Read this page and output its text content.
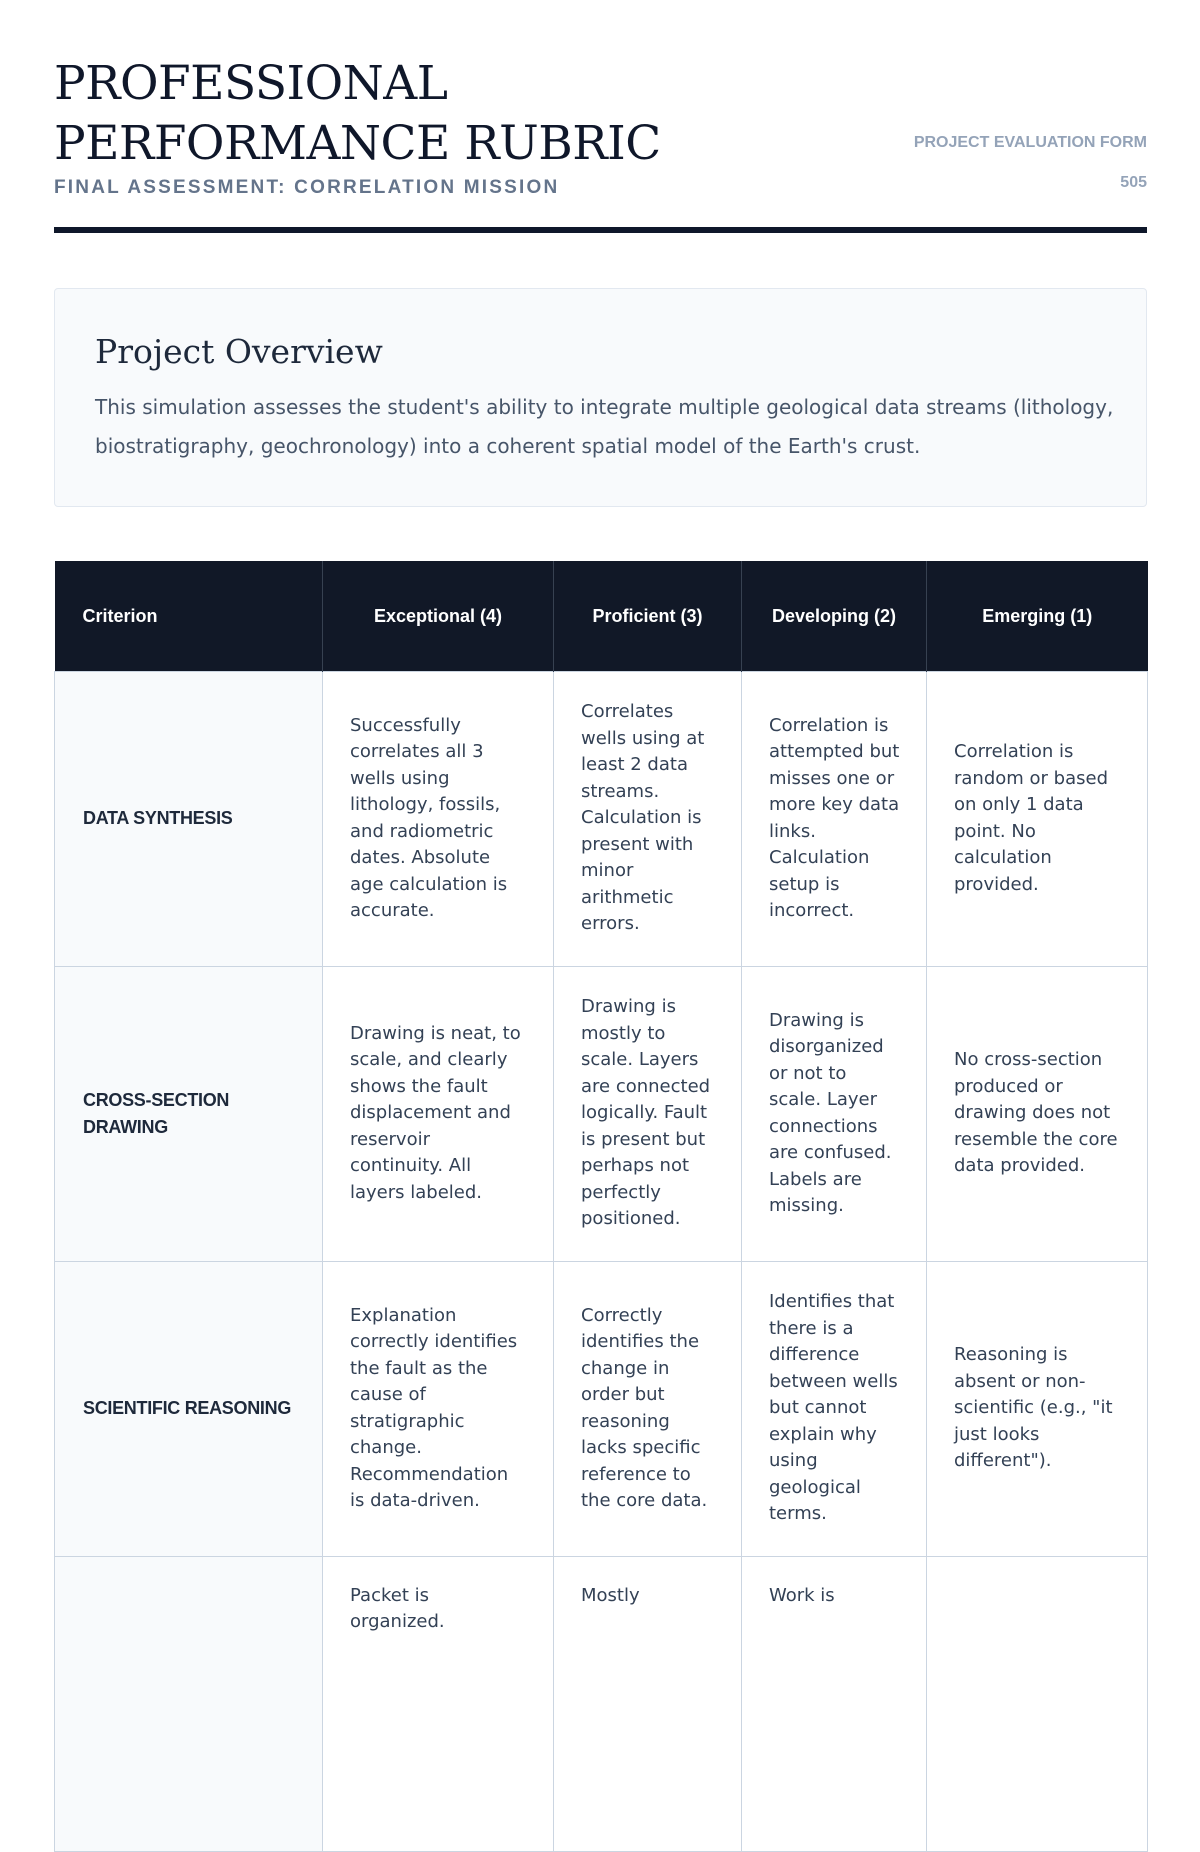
PROFESSIONAL PERFORMANCE RUBRIC

FINAL ASSESSMENT: CORRELATION MISSION

PROJECT EVALUATION FORM
505
Project Overview

This simulation assesses the student's ability to integrate multiple geological data streams (lithology, biostratigraphy, geochronology) into a coherent spatial model of the Earth's crust.

Criterion	Exceptional (4)	Proficient (3)	Developing (2)	Emerging (1)
DATA SYNTHESIS	Successfully correlates all 3 wells using lithology, fossils, and radiometric dates. Absolute age calculation is accurate.	Correlates wells using at least 2 data streams. Calculation is present with minor arithmetic errors.	Correlation is attempted but misses one or more key data links. Calculation setup is incorrect.	Correlation is random or based on only 1 data point. No calculation provided.
CROSS-SECTION DRAWING	Drawing is neat, to scale, and clearly shows the fault displacement and reservoir continuity. All layers labeled.	Drawing is mostly to scale. Layers are connected logically. Fault is present but perhaps not perfectly positioned.	Drawing is disorganized or not to scale. Layer connections are confused. Labels are missing.	No cross-section produced or drawing does not resemble the core data provided.
SCIENTIFIC REASONING	Explanation correctly identifies the fault as the cause of stratigraphic change. Recommendation is data-driven.	Correctly identifies the change in order but reasoning lacks specific reference to the core data.	Identifies that there is a difference between wells but cannot explain why using geological terms.	Reasoning is absent or non-scientific (e.g., "it just looks different").
	Packet is organized.	Mostly	Work is	
